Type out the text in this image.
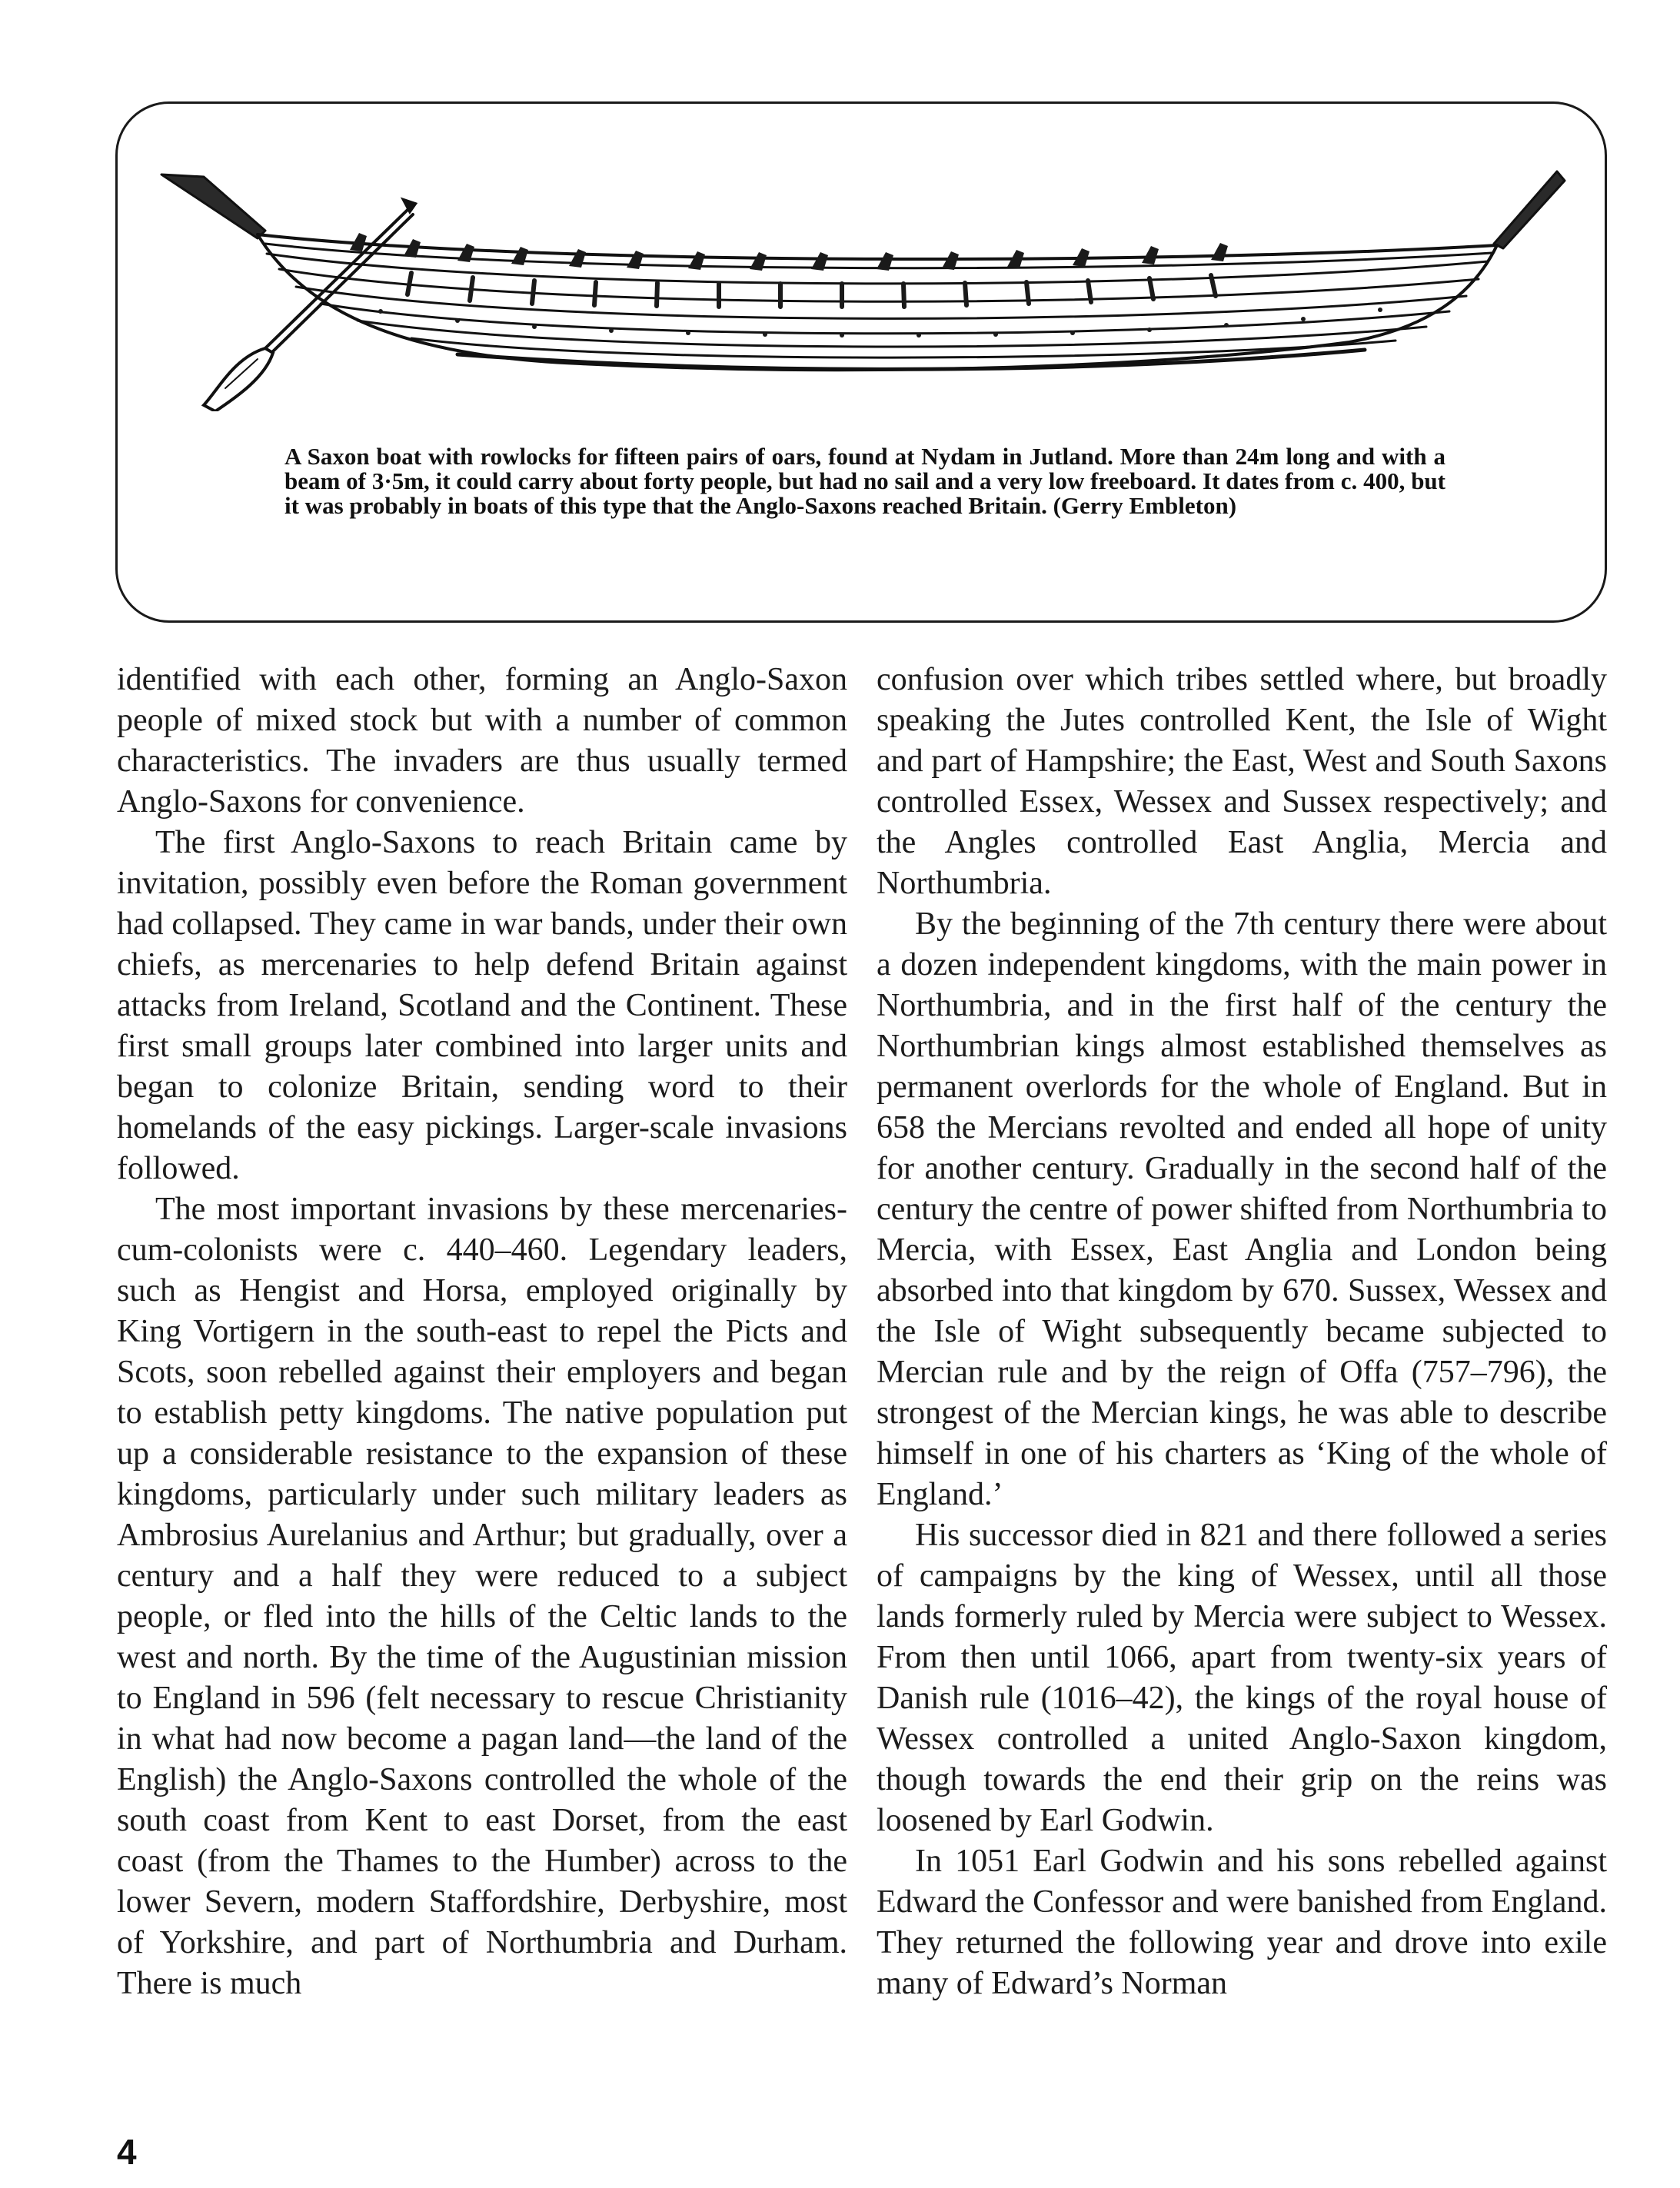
A Saxon boat with rowlocks for fifteen pairs of oars, found at Nydam in Jutland. More than 24m long and with a beam of 3·5m, it could carry about forty people, but had no sail and a very low freeboard. It dates from c. 400, but it was probably in boats of this type that the Anglo-Saxons reached Britain. (Gerry Embleton)

identified with each other, forming an Anglo-Saxon people of mixed stock but with a number of common characteristics. The invaders are thus usually termed Anglo-Saxons for convenience.

The first Anglo-Saxons to reach Britain came by invitation, possibly even before the Roman government had collapsed. They came in war bands, under their own chiefs, as mercenaries to help defend Britain against attacks from Ireland, Scotland and the Continent. These first small groups later combined into larger units and began to colonize Britain, sending word to their homelands of the easy pickings. Larger-scale invasions followed.

The most important invasions by these mercenaries-cum-colonists were c. 440–460. Legendary leaders, such as Hengist and Horsa, employed originally by King Vortigern in the south-east to repel the Picts and Scots, soon rebelled against their employers and began to establish petty kingdoms. The native population put up a considerable resistance to the expansion of these kingdoms, particularly under such military leaders as Ambrosius Aurelanius and Arthur; but gradually, over a century and a half they were reduced to a subject people, or fled into the hills of the Celtic lands to the west and north. By the time of the Augustinian mission to England in 596 (felt necessary to rescue Christianity in what had now become a pagan land—the land of the English) the Anglo-Saxons controlled the whole of the south coast from Kent to east Dorset, from the east coast (from the Thames to the Humber) across to the lower Severn, modern Staffordshire, Derbyshire, most of Yorkshire, and part of Northumbria and Durham. There is much

confusion over which tribes settled where, but broadly speaking the Jutes controlled Kent, the Isle of Wight and part of Hampshire; the East, West and South Saxons controlled Essex, Wessex and Sussex respectively; and the Angles controlled East Anglia, Mercia and Northumbria.

By the beginning of the 7th century there were about a dozen independent kingdoms, with the main power in Northumbria, and in the first half of the century the Northumbrian kings almost established themselves as permanent overlords for the whole of England. But in 658 the Mercians revolted and ended all hope of unity for another century. Gradually in the second half of the century the centre of power shifted from Northumbria to Mercia, with Essex, East Anglia and London being absorbed into that kingdom by 670. Sussex, Wessex and the Isle of Wight subsequently became subjected to Mercian rule and by the reign of Offa (757–796), the strongest of the Mercian kings, he was able to describe himself in one of his charters as ‘King of the whole of England.’

His successor died in 821 and there followed a series of campaigns by the king of Wessex, until all those lands formerly ruled by Mercia were subject to Wessex. From then until 1066, apart from twenty-six years of Danish rule (1016–42), the kings of the royal house of Wessex controlled a united Anglo-Saxon kingdom, though towards the end their grip on the reins was loosened by Earl Godwin.

In 1051 Earl Godwin and his sons rebelled against Edward the Confessor and were banished from England. They returned the following year and drove into exile many of Edward’s Norman

4
